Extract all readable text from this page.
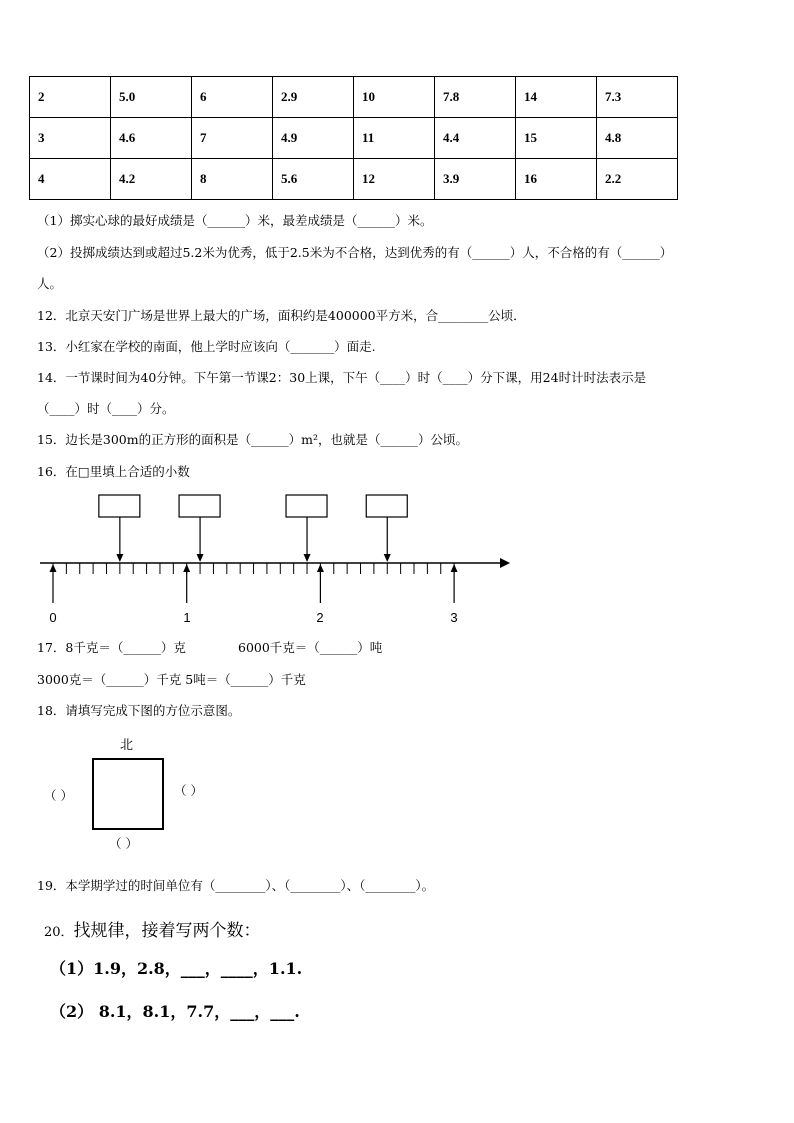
2	5.0	6	2.9	10	7.8	14	7.3
3	4.6	7	4.9	11	4.4	15	4.8
4	4.2	8	5.6	12	3.9	16	2.2
（1）掷实心球的最好成绩是（______）米，最差成绩是（______）米。
（2）投掷成绩达到或超过5.2米为优秀，低于2.5米为不合格，达到优秀的有（______）人，不合格的有（______）
人。
12．北京天安门广场是世界上最大的广场，面积约是400000平方米，合________公顷．
13．小红家在学校的南面，他上学时应该向（_______）面走.
14．一节课时间为40分钟。下午第一节课2：30上课，下午（____）时（____）分下课，用24时计时法表示是
（____）时（____）分。
15．边长是300m的正方形的面积是（______）m²，也就是（______）公顷。
16．在□里填上合适的小数
0	1	2	3
17．8千克＝（______）克	6000千克＝（______）吨
3000克＝（______）千克 5吨＝（______）千克
18．请填写完成下图的方位示意图。
北
（ ）	（ ）
（ ）
19．本学期学过的时间单位有（________）、（________）、（________）。
20．找规律，接着写两个数：
（1）1.9，2.8，___，____，1.1.
（2） 8.1，8.1，7.7，___，___.
